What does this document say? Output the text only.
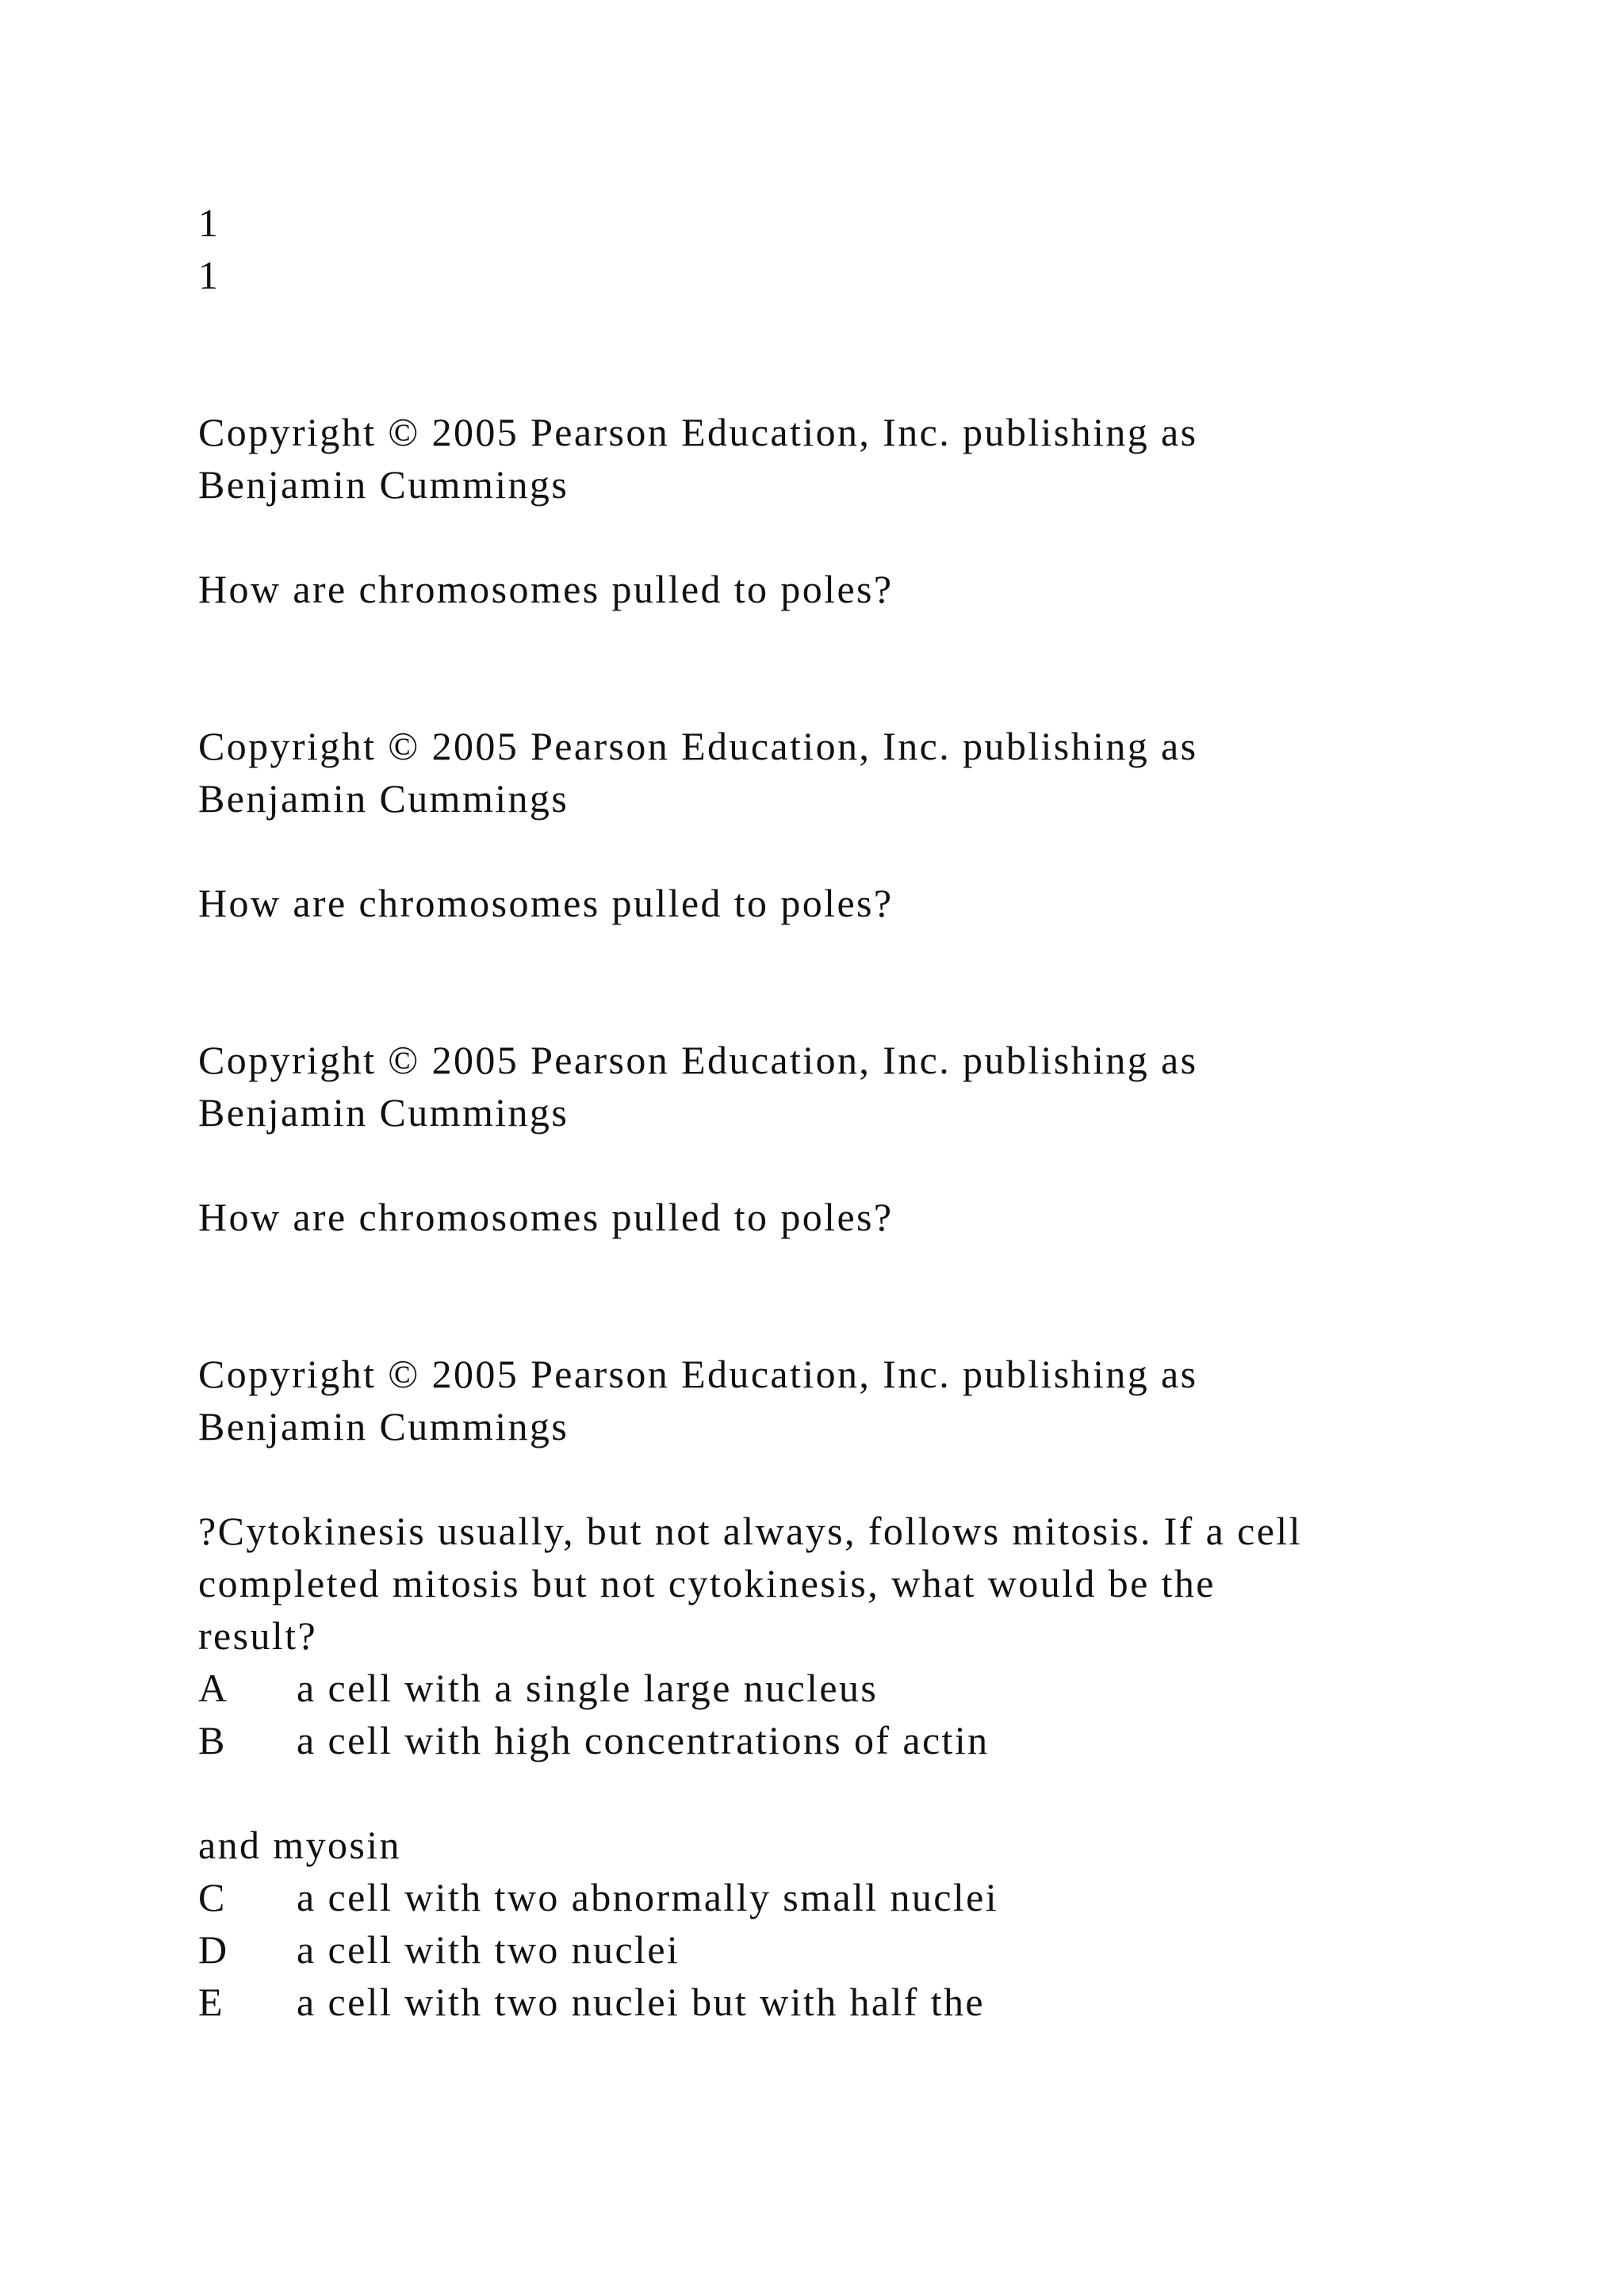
1
1
Copyright © 2005 Pearson Education, Inc. publishing as
Benjamin Cummings
How are chromosomes pulled to poles?
Copyright © 2005 Pearson Education, Inc. publishing as
Benjamin Cummings
How are chromosomes pulled to poles?
Copyright © 2005 Pearson Education, Inc. publishing as
Benjamin Cummings
How are chromosomes pulled to poles?
Copyright © 2005 Pearson Education, Inc. publishing as
Benjamin Cummings
?Cytokinesis usually, but not always, follows mitosis. If a cell
completed mitosis but not cytokinesis, what would be the
result?
A a cell with a single large nucleus
B a cell with high concentrations of actin
and myosin
C a cell with two abnormally small nuclei
D a cell with two nuclei
E a cell with two nuclei but with half the
